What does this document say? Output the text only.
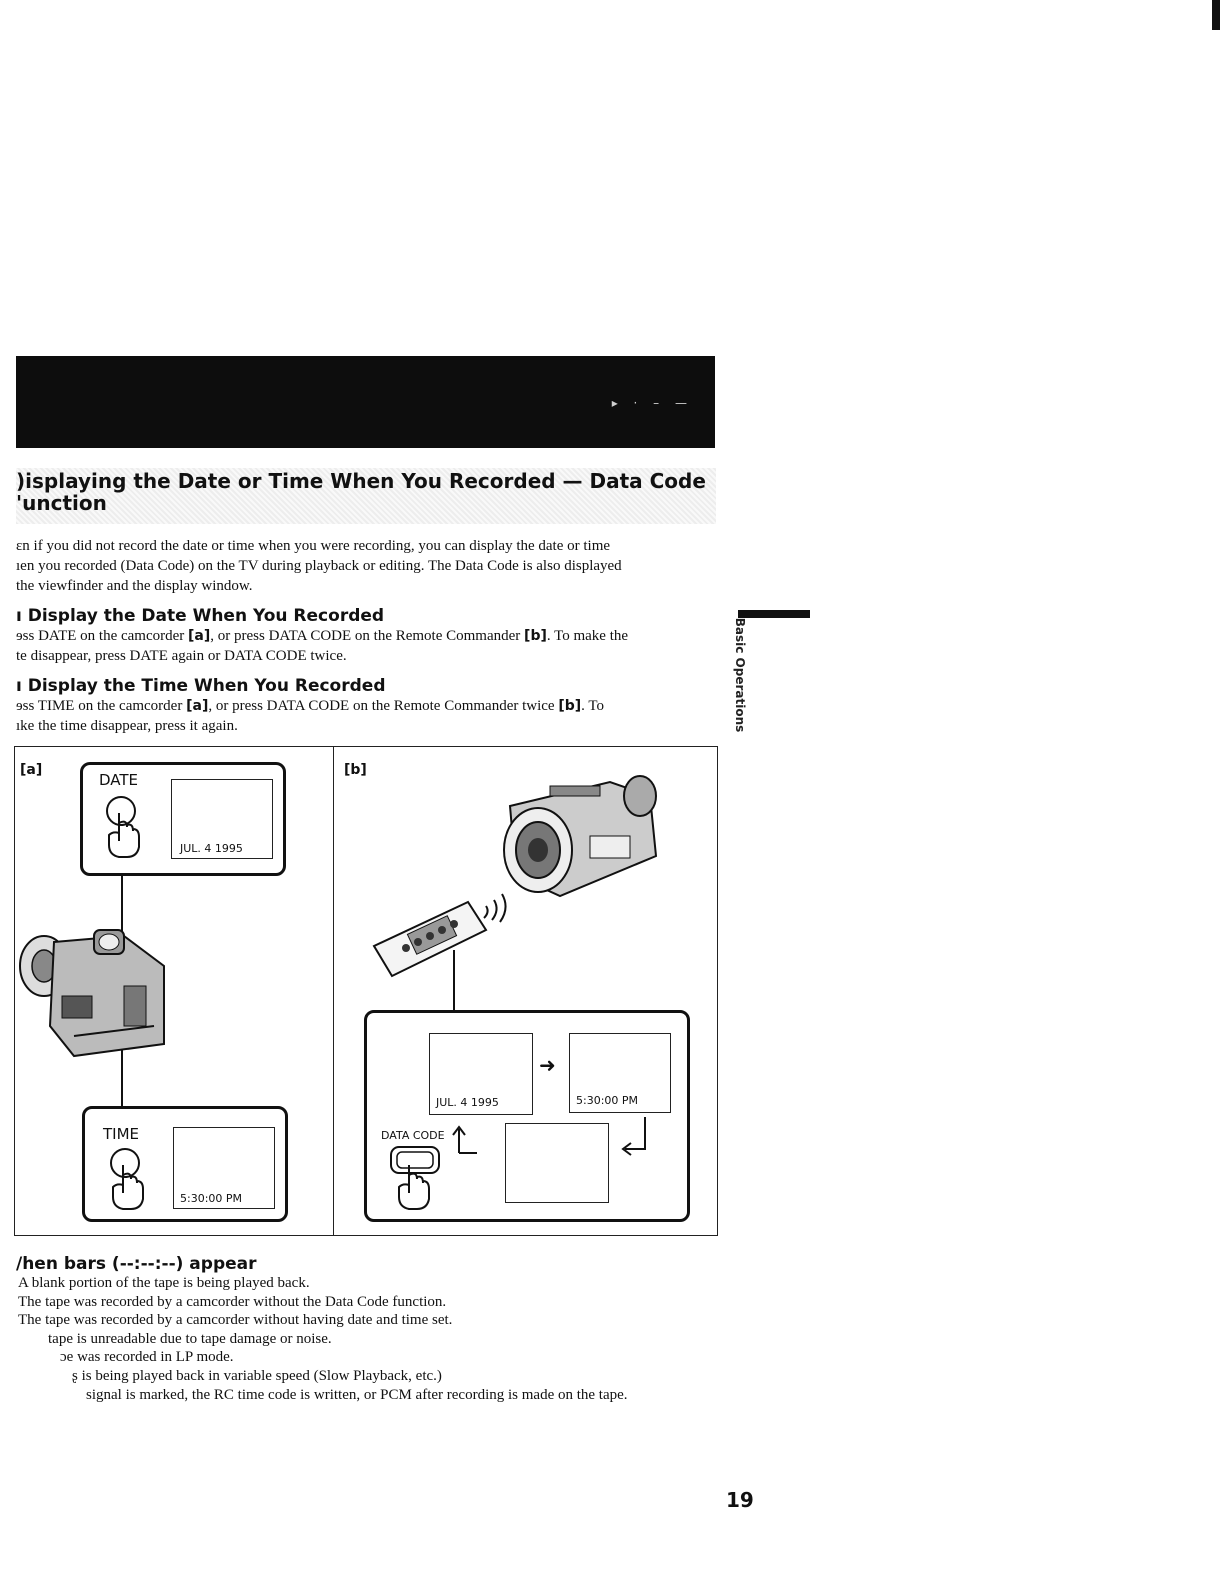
▸ · – —
)isplaying the Date or Time When You Recorded — Data Code
'unction
ɛn if you did not record the date or time when you were recording, you can display the date or time
ıen you recorded (Data Code) on the TV during playback or editing. The Data Code is also displayed
the viewfinder and the display window.
ı Display the Date When You Recorded
ɘss DATE on the camcorder [a], or press DATA CODE on the Remote Commander [b]. To make the
te disappear, press DATE again or DATA CODE twice.
ı Display the Time When You Recorded
ɘss TIME on the camcorder [a], or press DATA CODE on the Remote Commander twice [b]. To
ıke the time disappear, press it again.	Basic Operations
[a]
DATE
JUL. 4 1995
TIME
5:30:00 PM
[b]
JUL. 4 1995
➜
5:30:00 PM
DATA CODE
/hen bars (--:--:--) appear
A blank portion of the tape is being played back.
The tape was recorded by a camcorder without the Data Code function.
The tape was recorded by a camcorder without having date and time set.
tape is unreadable due to tape damage or noise.
ɔe was recorded in LP mode.
ʂ is being played back in variable speed (Slow Playback, etc.)
signal is marked, the RC time code is written, or PCM after recording is made on the tape.
19
